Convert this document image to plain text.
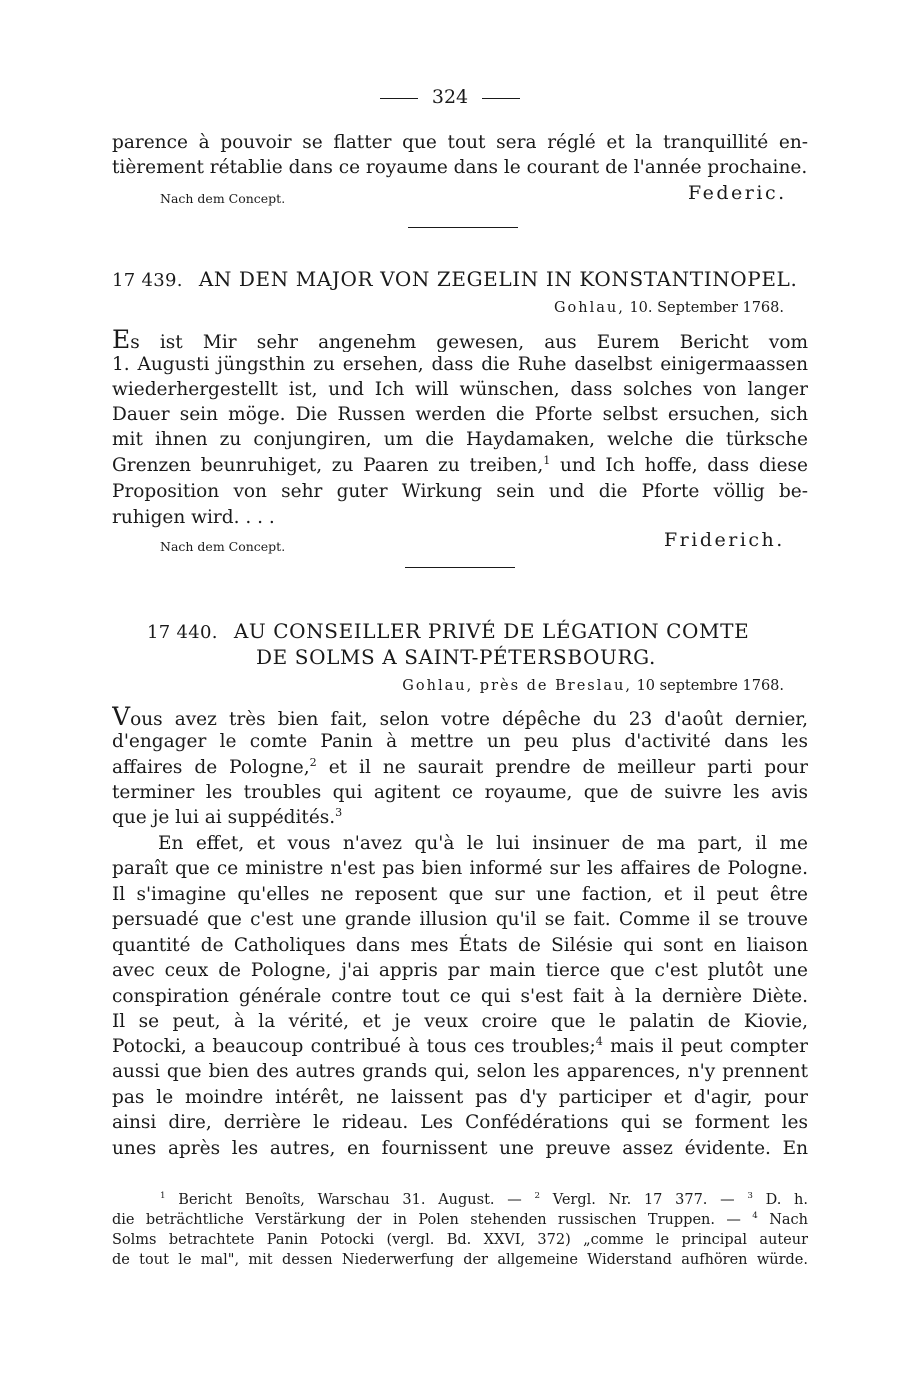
324
parence à pouvoir se flatter que tout sera réglé et la tranquillité en-
tièrement rétablie dans ce royaume dans le courant de l'année prochaine.
Nach dem Concept.	Federic.
17 439. AN DEN MAJOR VON ZEGELIN IN KONSTANTINOPEL.
Gohlau, 10. September 1768.
Es ist Mir sehr angenehm gewesen, aus Eurem Bericht vom
1. Augusti jüngsthin zu ersehen, dass die Ruhe daselbst einigermaassen
wiederhergestellt ist, und Ich will wünschen, dass solches von langer
Dauer sein möge. Die Russen werden die Pforte selbst ersuchen, sich
mit ihnen zu conjungiren, um die Haydamaken, welche die türksche
Grenzen beunruhiget, zu Paaren zu treiben,$^1$ und Ich hoffe, dass diese
Proposition von sehr guter Wirkung sein und die Pforte völlig be-
ruhigen wird. . . .
Nach dem Concept.	Friderich.
17 440. AU CONSEILLER PRIVÉ DE LÉGATION COMTE
DE SOLMS A SAINT-PÉTERSBOURG.
Gohlau, près de Breslau, 10 septembre 1768.
Vous avez très bien fait, selon votre dépêche du 23 d'août dernier,
d'engager le comte Panin à mettre un peu plus d'activité dans les
affaires de Pologne,$^2$ et il ne saurait prendre de meilleur parti pour
terminer les troubles qui agitent ce royaume, que de suivre les avis
que je lui ai suppédités.$^3$
En effet, et vous n'avez qu'à le lui insinuer de ma part, il me
paraît que ce ministre n'est pas bien informé sur les affaires de Pologne.
Il s'imagine qu'elles ne reposent que sur une faction, et il peut être
persuadé que c'est une grande illusion qu'il se fait. Comme il se trouve
quantité de Catholiques dans mes États de Silésie qui sont en liaison
avec ceux de Pologne, j'ai appris par main tierce que c'est plutôt une
conspiration générale contre tout ce qui s'est fait à la dernière Diète.
Il se peut, à la vérité, et je veux croire que le palatin de Kiovie,
Potocki, a beaucoup contribué à tous ces troubles;$^4$ mais il peut compter
aussi que bien des autres grands qui, selon les apparences, n'y prennent
pas le moindre intérêt, ne laissent pas d'y participer et d'agir, pour
ainsi dire, derrière le rideau. Les Confédérations qui se forment les
unes après les autres, en fournissent une preuve assez évidente. En
$^1$ Bericht Benoîts, Warschau 31. August. — $^2$ Vergl. Nr. 17 377. — $^3$ D. h.
die beträchtliche Verstärkung der in Polen stehenden russischen Truppen. — $^4$ Nach
Solms betrachtete Panin Potocki (vergl. Bd. XXVI, 372) „comme le principal auteur
de tout le mal", mit dessen Niederwerfung der allgemeine Widerstand aufhören würde.
